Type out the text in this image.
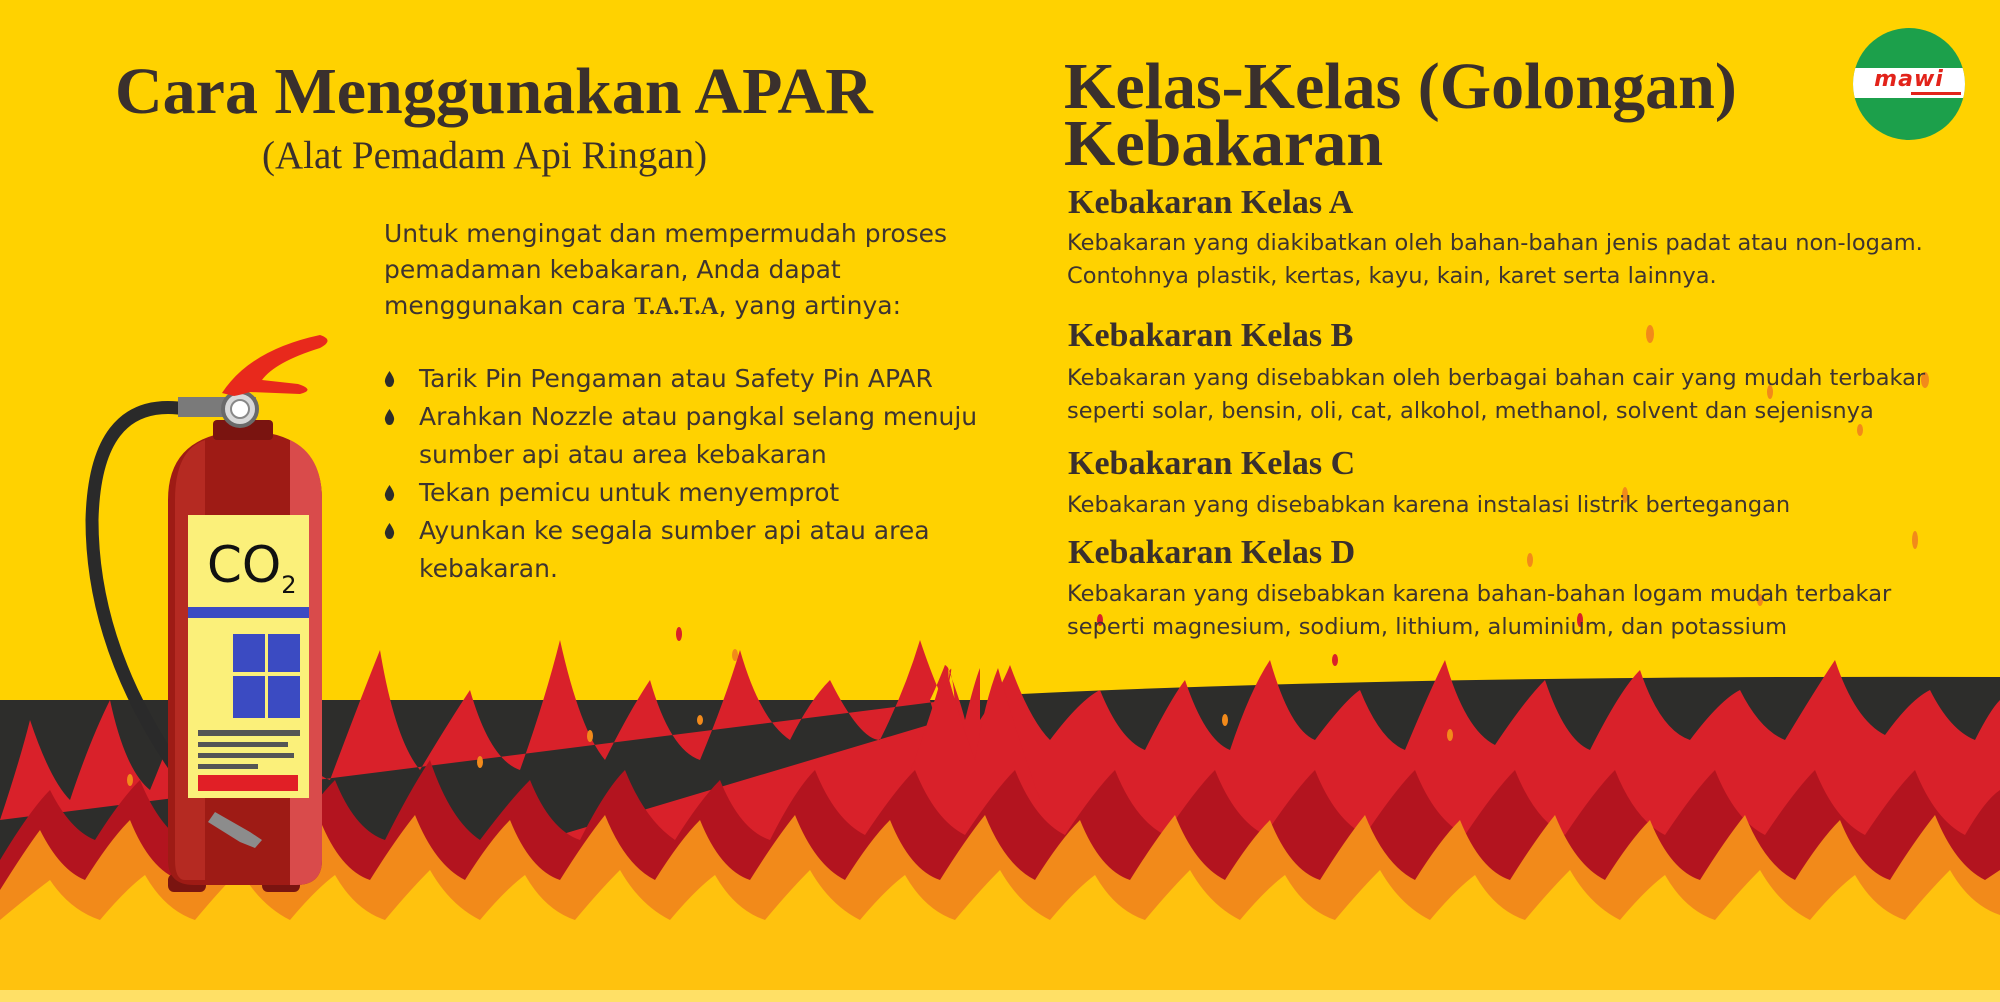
Cara Menggunakan APAR
(Alat Pemadam Api Ringan)
Untuk mengingat dan mempermudah proses pemadaman kebakaran, Anda dapat menggunakan cara T.A.T.A, yang artinya:
Tarik Pin Pengaman atau Safety Pin APAR
Arahkan Nozzle atau pangkal selang menuju sumber api atau area kebakaran
Tekan pemicu untuk menyemprot
Ayunkan ke segala sumber api atau area kebakaran.
$CO_2$
Kelas-Kelas (Golongan)
Kebakaran
Kebakaran Kelas A
Kebakaran yang diakibatkan oleh bahan-bahan jenis padat atau non-logam. Contohnya plastik, kertas, kayu, kain, karet serta lainnya.
Kebakaran Kelas B
Kebakaran yang disebabkan oleh berbagai bahan cair yang mudah terbakar seperti solar, bensin, oli, cat, alkohol, methanol, solvent dan sejenisnya
Kebakaran Kelas C
Kebakaran yang disebabkan karena instalasi listrik bertegangan
Kebakaran Kelas D
Kebakaran yang disebabkan karena bahan-bahan logam mudah terbakar seperti magnesium, sodium, lithium, aluminium, dan potassium
mawi
